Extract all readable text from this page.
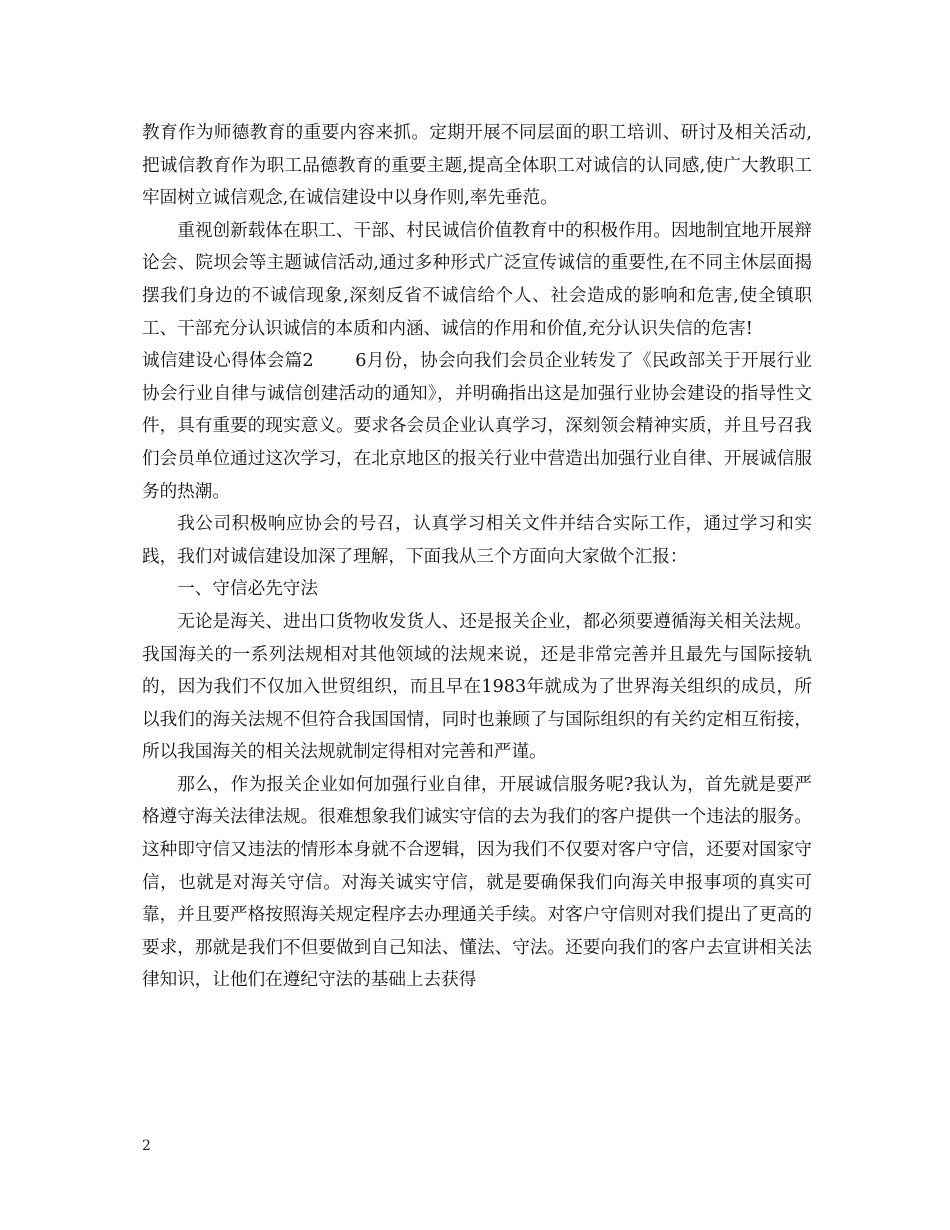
教育作为师德教育的重要内容来抓。定期开展不同层面的职工培训、研讨及相关活动,把诚信教育作为职工品德教育的重要主题,提高全体职工对诚信的认同感,使广大教职工牢固树立诚信观念,在诚信建设中以身作则,率先垂范。

重视创新载体在职工、干部、村民诚信价值教育中的积极作用。因地制宜地开展辩论会、院坝会等主题诚信活动,通过多种形式广泛宣传诚信的重要性,在不同主休层面揭摆我们身边的不诚信现象,深刻反省不诚信给个人、社会造成的影响和危害,使全镇职工、干部充分认识诚信的本质和内涵、诚信的作用和价值,充分认识失信的危害!

诚信建设心得体会篇2　　 6月份，协会向我们会员企业转发了《民政部关于开展行业协会行业自律与诚信创建活动的通知》，并明确指出这是加强行业协会建设的指导性文件，具有重要的现实意义。要求各会员企业认真学习，深刻领会精神实质，并且号召我们会员单位通过这次学习，在北京地区的报关行业中营造出加强行业自律、开展诚信服务的热潮。

我公司积极响应协会的号召，认真学习相关文件并结合实际工作，通过学习和实践，我们对诚信建设加深了理解，下面我从三个方面向大家做个汇报：

一、守信必先守法

无论是海关、进出口货物收发货人、还是报关企业，都必须要遵循海关相关法规。我国海关的一系列法规相对其他领域的法规来说，还是非常完善并且最先与国际接轨的，因为我们不仅加入世贸组织，而且早在1983年就成为了世界海关组织的成员，所以我们的海关法规不但符合我国国情，同时也兼顾了与国际组织的有关约定相互衔接，所以我国海关的相关法规就制定得相对完善和严谨。

那么，作为报关企业如何加强行业自律，开展诚信服务呢?我认为，首先就是要严格遵守海关法律法规。很难想象我们诚实守信的去为我们的客户提供一个违法的服务。这种即守信又违法的情形本身就不合逻辑，因为我们不仅要对客户守信，还要对国家守信，也就是对海关守信。对海关诚实守信，就是要确保我们向海关申报事项的真实可靠，并且要严格按照海关规定程序去办理通关手续。对客户守信则对我们提出了更高的要求，那就是我们不但要做到自己知法、懂法、守法。还要向我们的客户去宣讲相关法律知识，让他们在遵纪守法的基础上去获得

2
